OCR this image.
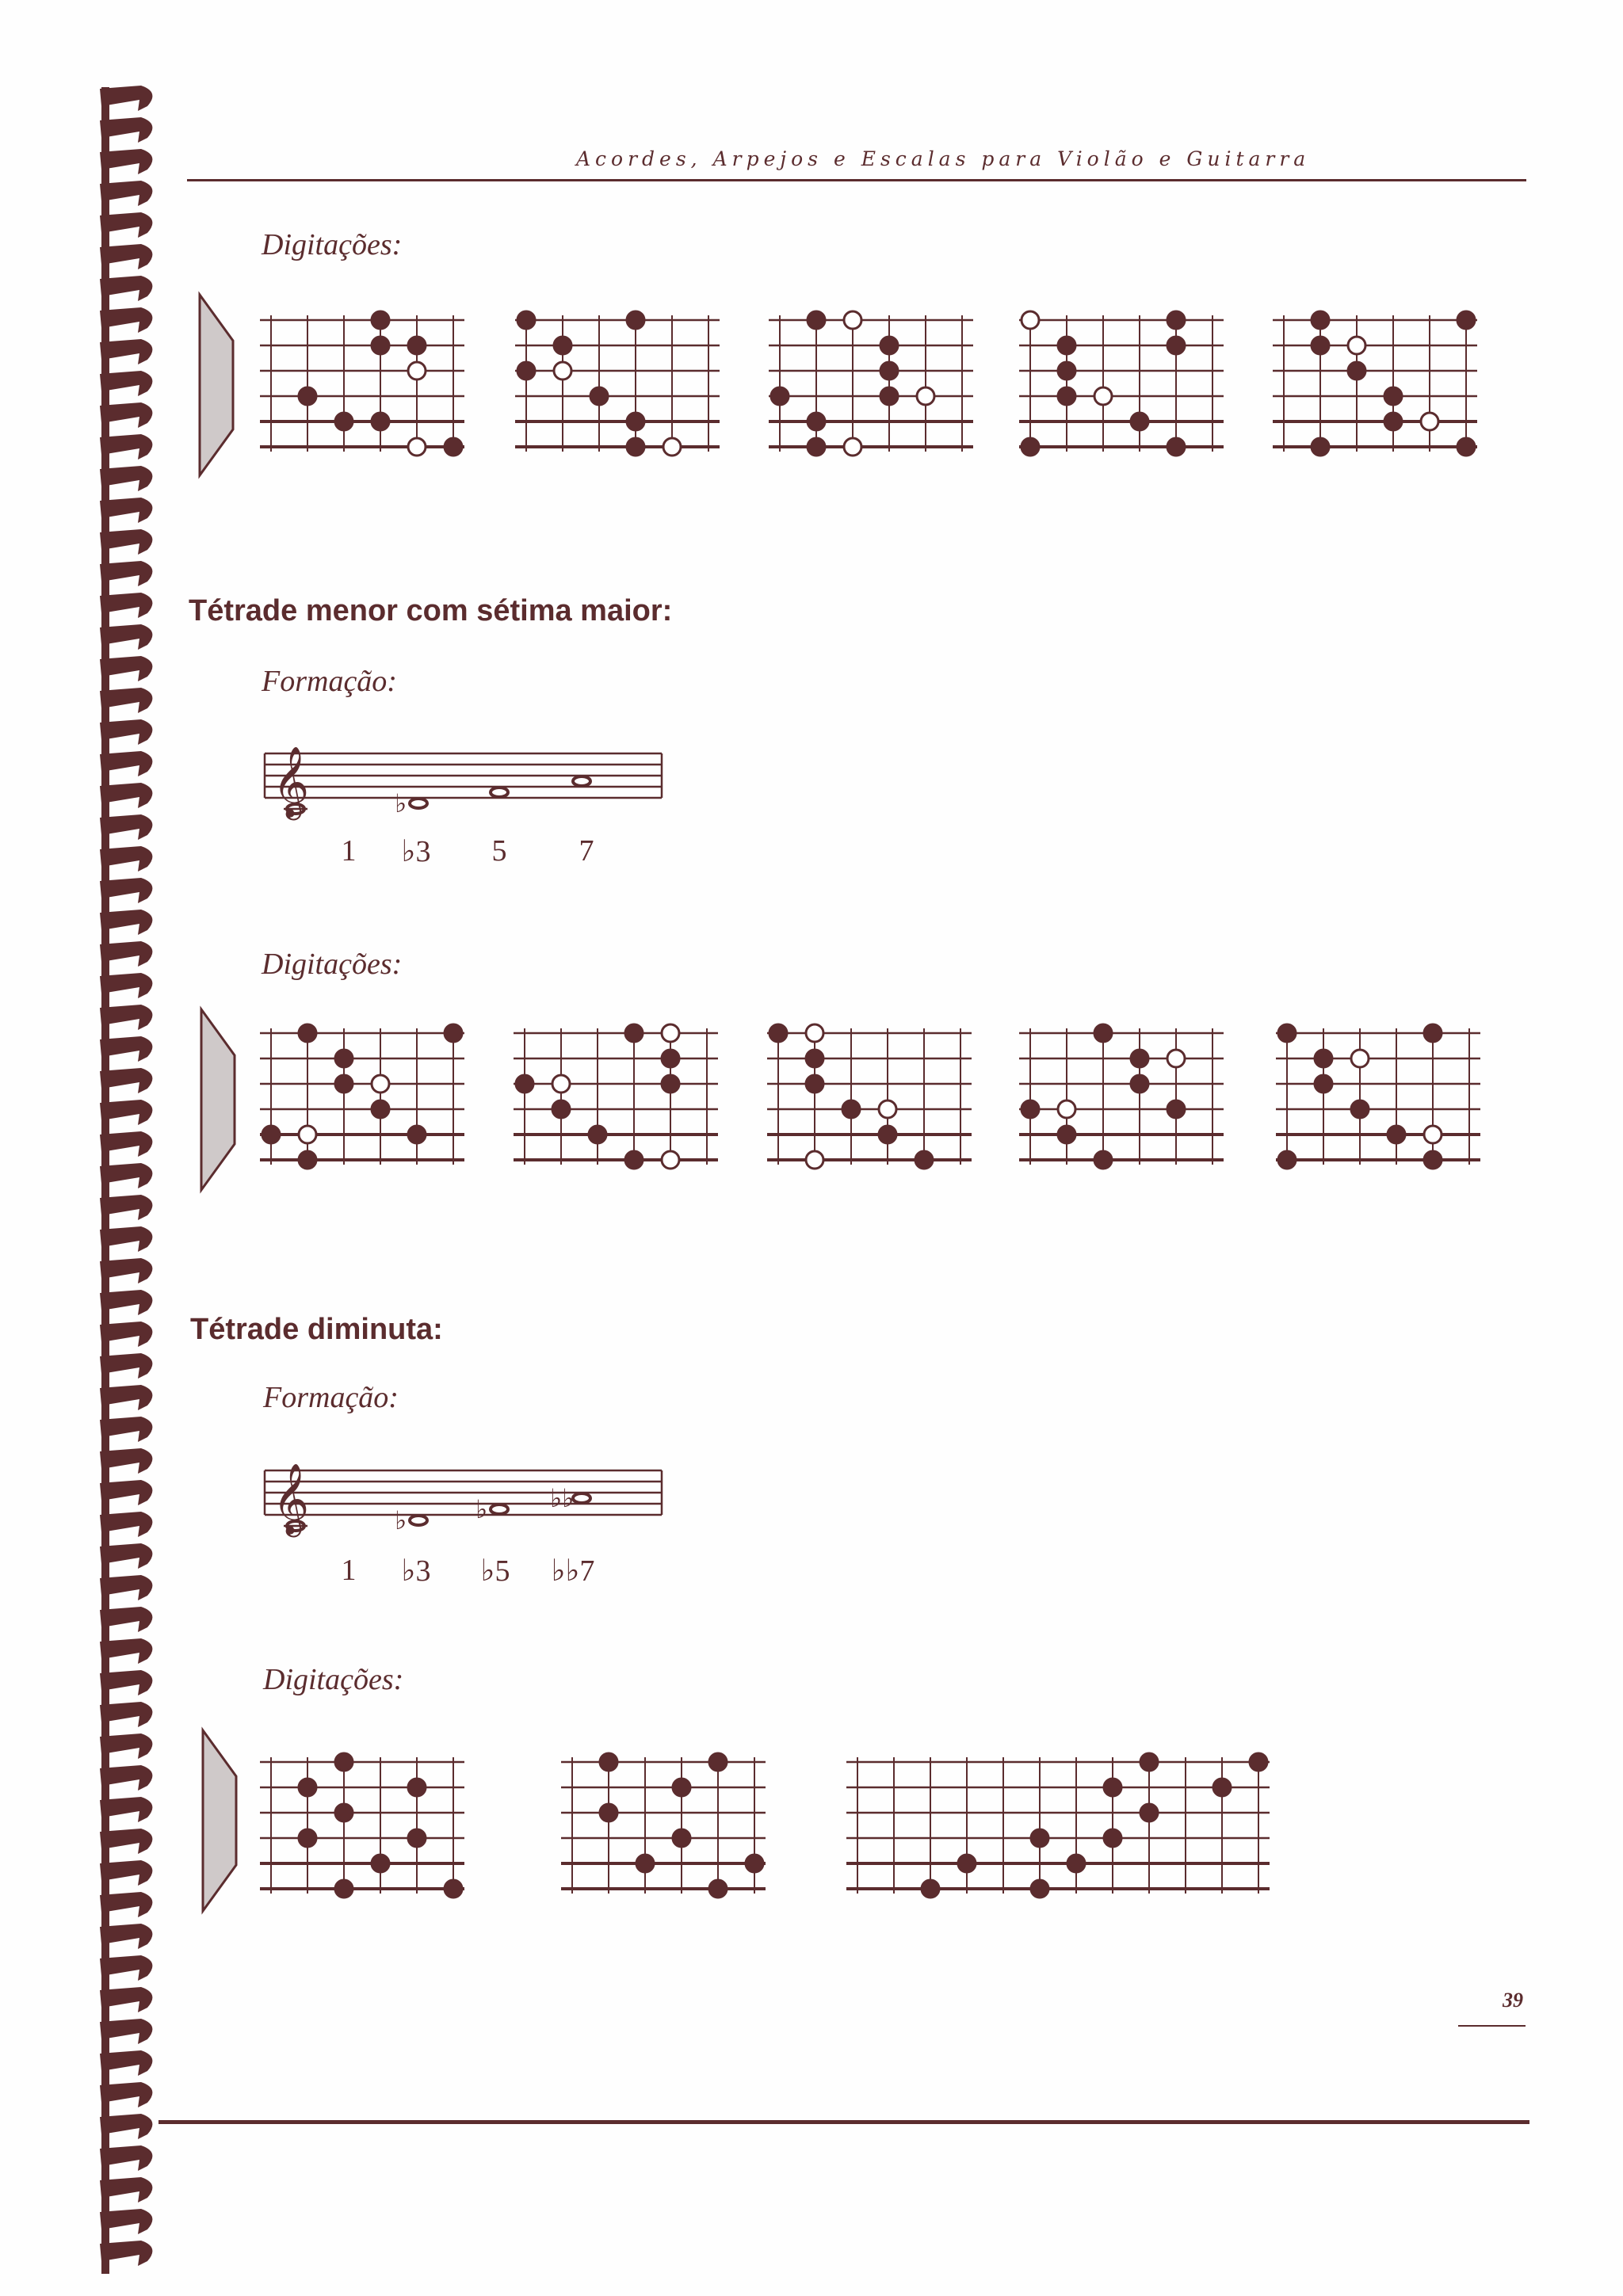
Acordes, Arpejos e Escalas para Violão e Guitarra
Digitações:
Tétrade menor com sétima maior:
Formação:
𝄞	♭
1 ♭3 5 7
Digitações:
Tétrade diminuta:
Formação:
𝄞	♭	♭ ♭♭
1 ♭3 ♭5 ♭♭7
Digitações:
39
